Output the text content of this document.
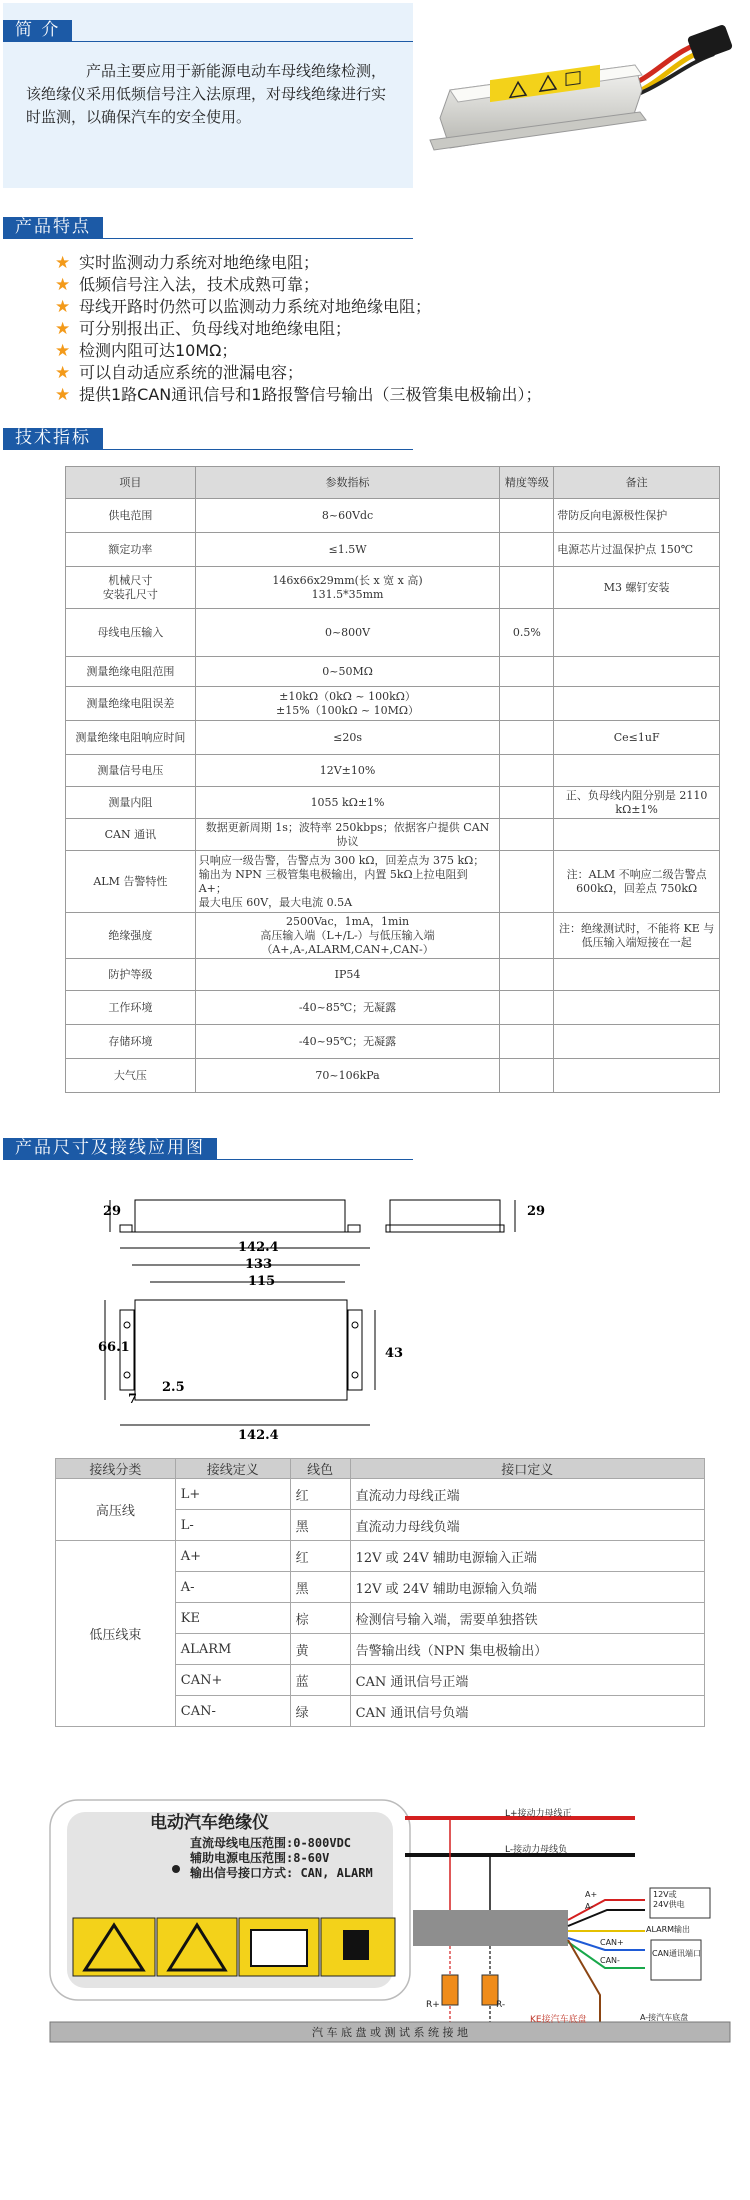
简 介
产品主要应用于新能源电动车母线绝缘检测，该绝缘仪采用低频信号注入法原理，对母线绝缘进行实时监测，以确保汽车的安全使用。
产品特点
★ 实时监测动力系统对地绝缘电阻；
★ 低频信号注入法，技术成熟可靠；
★ 母线开路时仍然可以监测动力系统对地绝缘电阻；
★ 可分别报出正、负母线对地绝缘电阻；
★ 检测内阻可达10MΩ；
★ 可以自动适应系统的泄漏电容；
★ 提供1路CAN通讯信号和1路报警信号输出（三极管集电极输出）；
技术指标
项目	参数指标	精度等级	备注
供电范围	8~60Vdc		带防反向电源极性保护
额定功率	≤1.5W		电源芯片过温保护点 150℃
机械尺寸
安装孔尺寸	146x66x29mm(长 x 宽 x 高)
131.5*35mm		M3 螺钉安装
母线电压输入	0~800V	0.5%	
测量绝缘电阻范围	0~50MΩ		
测量绝缘电阻误差	±10kΩ（0kΩ ~ 100kΩ）
±15%（100kΩ ~ 10MΩ）		
测量绝缘电阻响应时间	≤20s		Ce≤1uF
测量信号电压	12V±10%		
测量内阻	1055 kΩ±1%		正、负母线内阻分别是 2110 kΩ±1%
CAN 通讯	数据更新周期 1s；波特率 250kbps；依据客户提供 CAN 协议		
ALM 告警特性	只响应一级告警，告警点为 300 kΩ，回差点为 375 kΩ；
输出为 NPN 三极管集电极输出，内置 5kΩ上拉电阻到 A+；
最大电压 60V，最大电流 0.5A		注：ALM 不响应二级告警点 600kΩ，回差点 750kΩ
绝缘强度	2500Vac，1mA，1min
高压输入端（L+/L-）与低压输入端
（A+,A-,ALARM,CAN+,CAN-）		注：绝缘测试时，不能将 KE 与低压输入端短接在一起
防护等级	IP54		
工作环境	-40~85℃；无凝露		
存储环境	-40~95℃；无凝露		
大气压	70~106kPa		
产品尺寸及接线应用图
29	29
142.4
133
115
66.1	43
7
2.5
142.4
接线分类	接线定义	线色	接口定义
高压线	L+	红	直流动力母线正端
	L-	黑	直流动力母线负端
低压线束	A+	红	12V 或 24V 辅助电源输入正端
	A-	黑	12V 或 24V 辅助电源输入负端
	KE	棕	检测信号输入端，需要单独搭铁
	ALARM	黄	告警输出线（NPN 集电极输出）
	CAN+	蓝	CAN 通讯信号正端
	CAN-	绿	CAN 通讯信号负端
电动汽车绝缘仪
直流母线电压范围:0-800VDC
辅助电源电压范围:8-60V
输出信号接口方式: CAN, ALARM
L+接动力母线正
L-接动力母线负
A+
A-
12V或
24V供电
ALARM输出
CAN+
CAN-
CAN通讯端口
R+	R-
KE接汽车底盘	A-接汽车底盘
汽 车 底 盘 或 测 试 系 统 接 地
